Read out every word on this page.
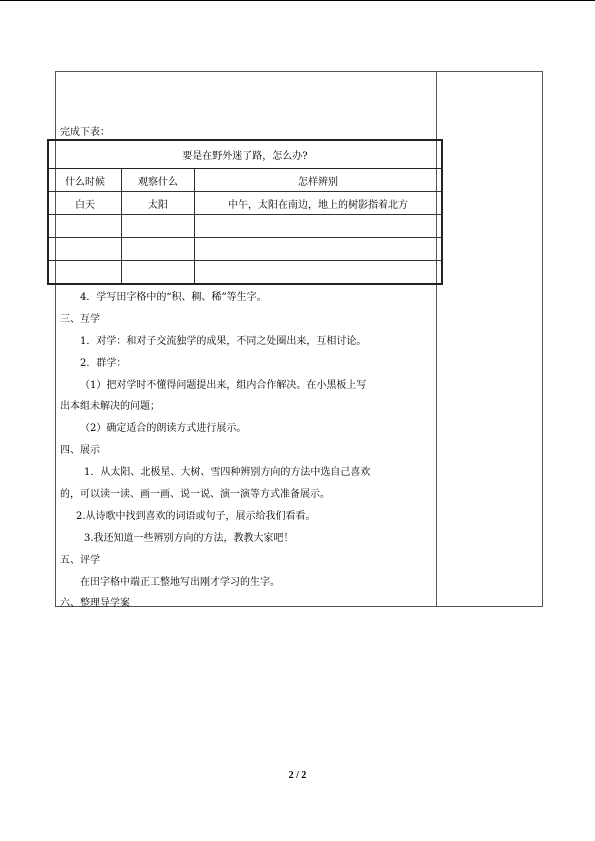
完成下表：
要是在野外迷了路，怎么办?		
什么时候	观察什么	怎样辨别
白天	太阳	中午，太阳在南边，地上的树影指着北方

4．学写田字格中的“积、稠、稀”等生字。
三、互学
1．对学：和对子交流独学的成果，不同之处圈出来，互相讨论。
2．群学：
（1）把对学时不懂得问题提出来，组内合作解决。在小黑板上写
出本组未解决的问题；
（2）确定适合的朗读方式进行展示。
四、展示
1．从太阳、北极星、大树、雪四种辨别方向的方法中选自己喜欢
的，可以读一读、画一画、说一说、演一演等方式准备展示。
2.从诗歌中找到喜欢的词语或句子，展示给我们看看。
3.我还知道一些辨别方向的方法，教教大家吧！
五、评学
在田字格中端正工整地写出刚才学习的生字。
六、整理导学案
2 / 2
